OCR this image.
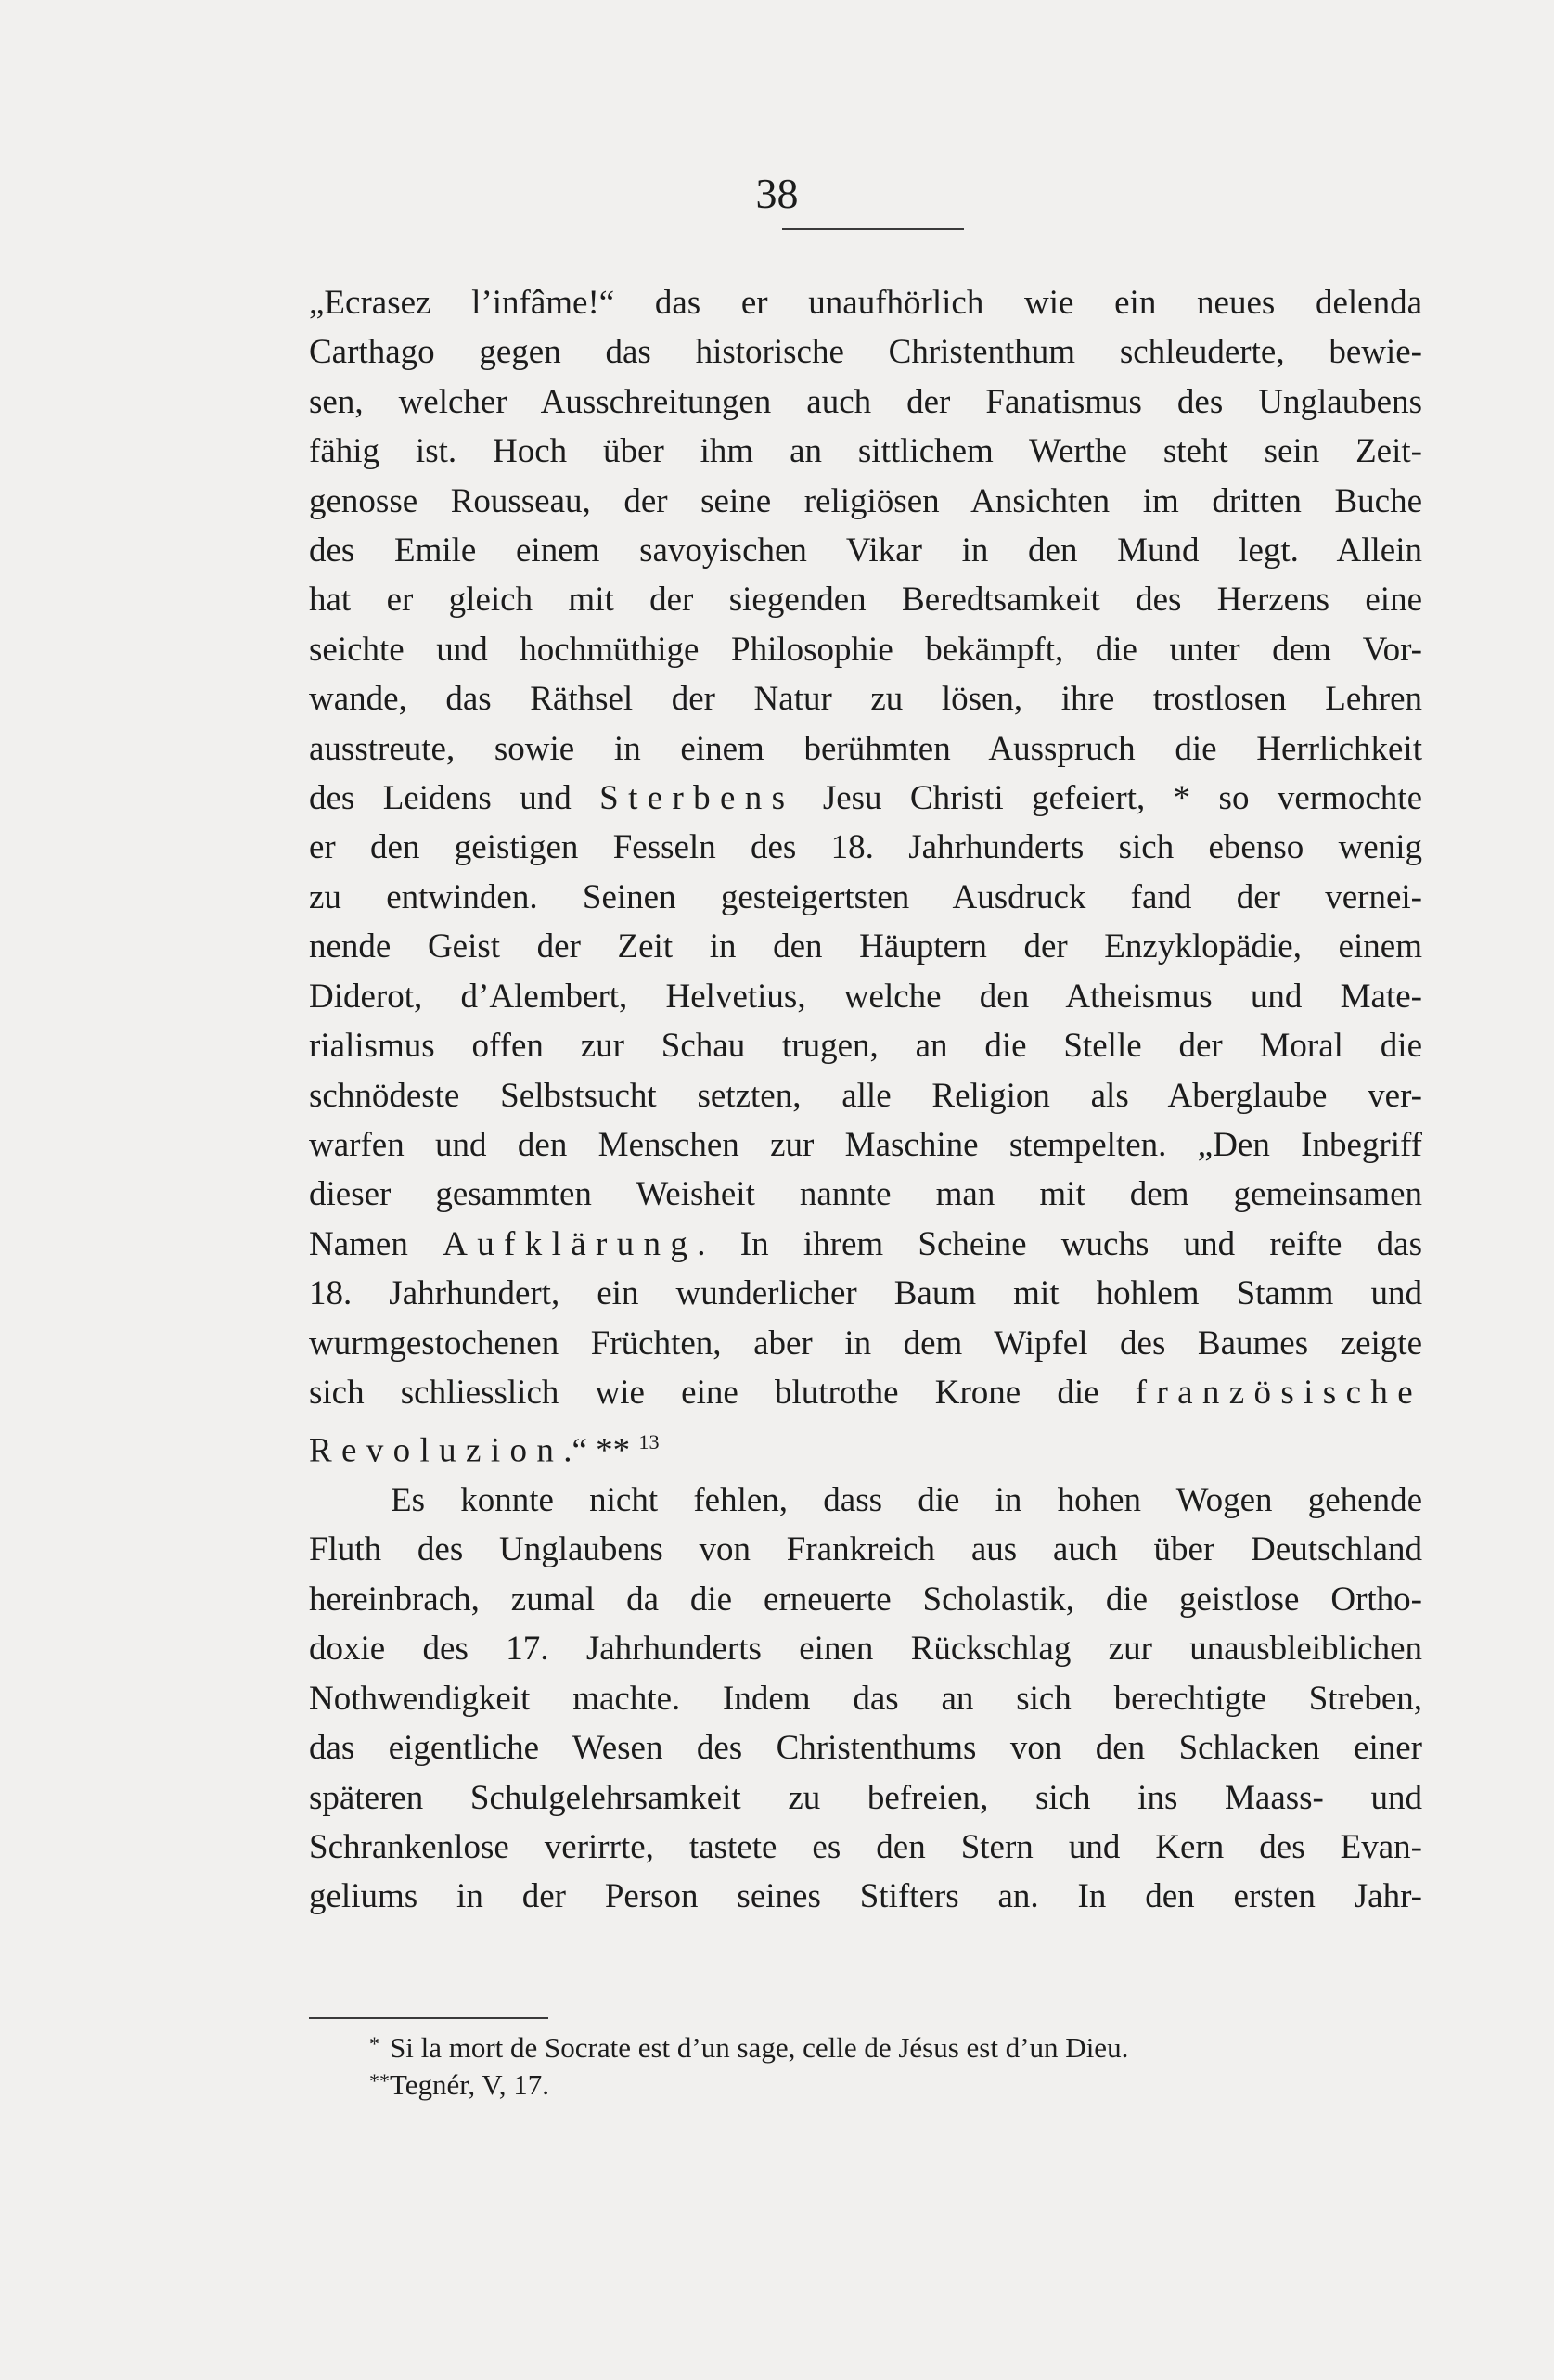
38
„Ecrasez l’infâme!“ das er unaufhörlich wie ein neues delenda
Carthago gegen das historische Christenthum schleuderte, bewie-
sen, welcher Ausschreitungen auch der Fanatismus des Unglaubens
fähig ist. Hoch über ihm an sittlichem Werthe steht sein Zeit-
genosse Rousseau, der seine religiösen Ansichten im dritten Buche
des Emile einem savoyischen Vikar in den Mund legt. Allein
hat er gleich mit der siegenden Beredtsamkeit des Herzens eine
seichte und hochmüthige Philosophie bekämpft, die unter dem Vor-
wande, das Räthsel der Natur zu lösen, ihre trostlosen Lehren
ausstreute, sowie in einem berühmten Ausspruch die Herrlichkeit
des Leidens und Sterbens Jesu Christi gefeiert, * so vermochte
er den geistigen Fesseln des 18. Jahrhunderts sich ebenso wenig
zu entwinden. Seinen gesteigertsten Ausdruck fand der vernei-
nende Geist der Zeit in den Häuptern der Enzyklopädie, einem
Diderot, d’Alembert, Helvetius, welche den Atheismus und Mate-
rialismus offen zur Schau trugen, an die Stelle der Moral die
schnödeste Selbstsucht setzten, alle Religion als Aberglaube ver-
warfen und den Menschen zur Maschine stempelten. „Den Inbegriff
dieser gesammten Weisheit nannte man mit dem gemeinsamen
Namen Aufklärung. In ihrem Scheine wuchs und reifte das
18. Jahrhundert, ein wunderlicher Baum mit hohlem Stamm und
wurmgestochenen Früchten, aber in dem Wipfel des Baumes zeigte
sich schliesslich wie eine blutrothe Krone die französische
Revoluzion.“ ** $^{13}$
Es konnte nicht fehlen, dass die in hohen Wogen gehende
Fluth des Unglaubens von Frankreich aus auch über Deutschland
hereinbrach, zumal da die erneuerte Scholastik, die geistlose Ortho-
doxie des 17. Jahrhunderts einen Rückschlag zur unausbleiblichen
Nothwendigkeit machte. Indem das an sich berechtigte Streben,
das eigentliche Wesen des Christenthums von den Schlacken einer
späteren Schulgelehrsamkeit zu befreien, sich ins Maass- und
Schrankenlose verirrte, tastete es den Stern und Kern des Evan-
geliums in der Person seines Stifters an. In den ersten Jahr-
* Si la mort de Socrate est d’un sage, celle de Jésus est d’un Dieu.
** Tegnér, V, 17.
